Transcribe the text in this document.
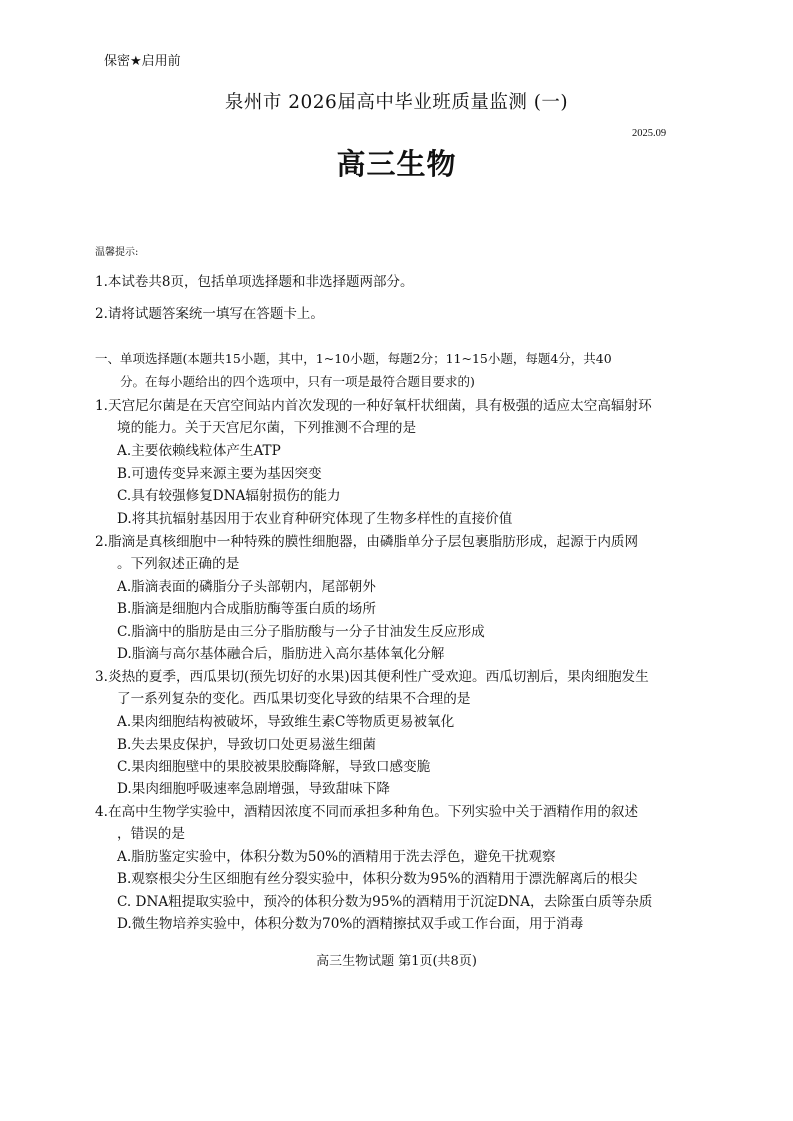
保密★启用前
泉州市 2026届高中毕业班质量监测 (一)
2025.09
高三生物
温馨提示:
1.本试卷共8页，包括单项选择题和非选择题两部分。
2.请将试题答案统一填写在答题卡上。
一、单项选择题(本题共15小题，其中，1~10小题，每题2分；11~15小题，每题4分，共40
分。在每小题给出的四个选项中，只有一项是最符合题目要求的)
1.天宫尼尔菌是在天宫空间站内首次发现的一种好氧杆状细菌，具有极强的适应太空高辐射环
境的能力。关于天宫尼尔菌，下列推测不合理的是
A.主要依赖线粒体产生ATP
B.可遗传变异来源主要为基因突变
C.具有较强修复DNA辐射损伤的能力
D.将其抗辐射基因用于农业育种研究体现了生物多样性的直接价值
2.脂滴是真核细胞中一种特殊的膜性细胞器，由磷脂单分子层包裹脂肪形成，起源于内质网
。下列叙述正确的是
A.脂滴表面的磷脂分子头部朝内，尾部朝外
B.脂滴是细胞内合成脂肪酶等蛋白质的场所
C.脂滴中的脂肪是由三分子脂肪酸与一分子甘油发生反应形成
D.脂滴与高尔基体融合后，脂肪进入高尔基体氧化分解
3.炎热的夏季，西瓜果切(预先切好的水果)因其便利性广受欢迎。西瓜切割后，果肉细胞发生
了一系列复杂的变化。西瓜果切变化导致的结果不合理的是
A.果肉细胞结构被破坏，导致维生素C等物质更易被氧化
B.失去果皮保护，导致切口处更易滋生细菌
C.果肉细胞壁中的果胶被果胶酶降解，导致口感变脆
D.果肉细胞呼吸速率急剧增强，导致甜味下降
4.在高中生物学实验中，酒精因浓度不同而承担多种角色。下列实验中关于酒精作用的叙述
，错误的是
A.脂肪鉴定实验中，体积分数为50%的酒精用于洗去浮色，避免干扰观察
B.观察根尖分生区细胞有丝分裂实验中，体积分数为95%的酒精用于漂洗解离后的根尖
C. DNA粗提取实验中，预冷的体积分数为95%的酒精用于沉淀DNA，去除蛋白质等杂质
D.微生物培养实验中，体积分数为70%的酒精擦拭双手或工作台面，用于消毒
高三生物试题 第1页(共8页)
